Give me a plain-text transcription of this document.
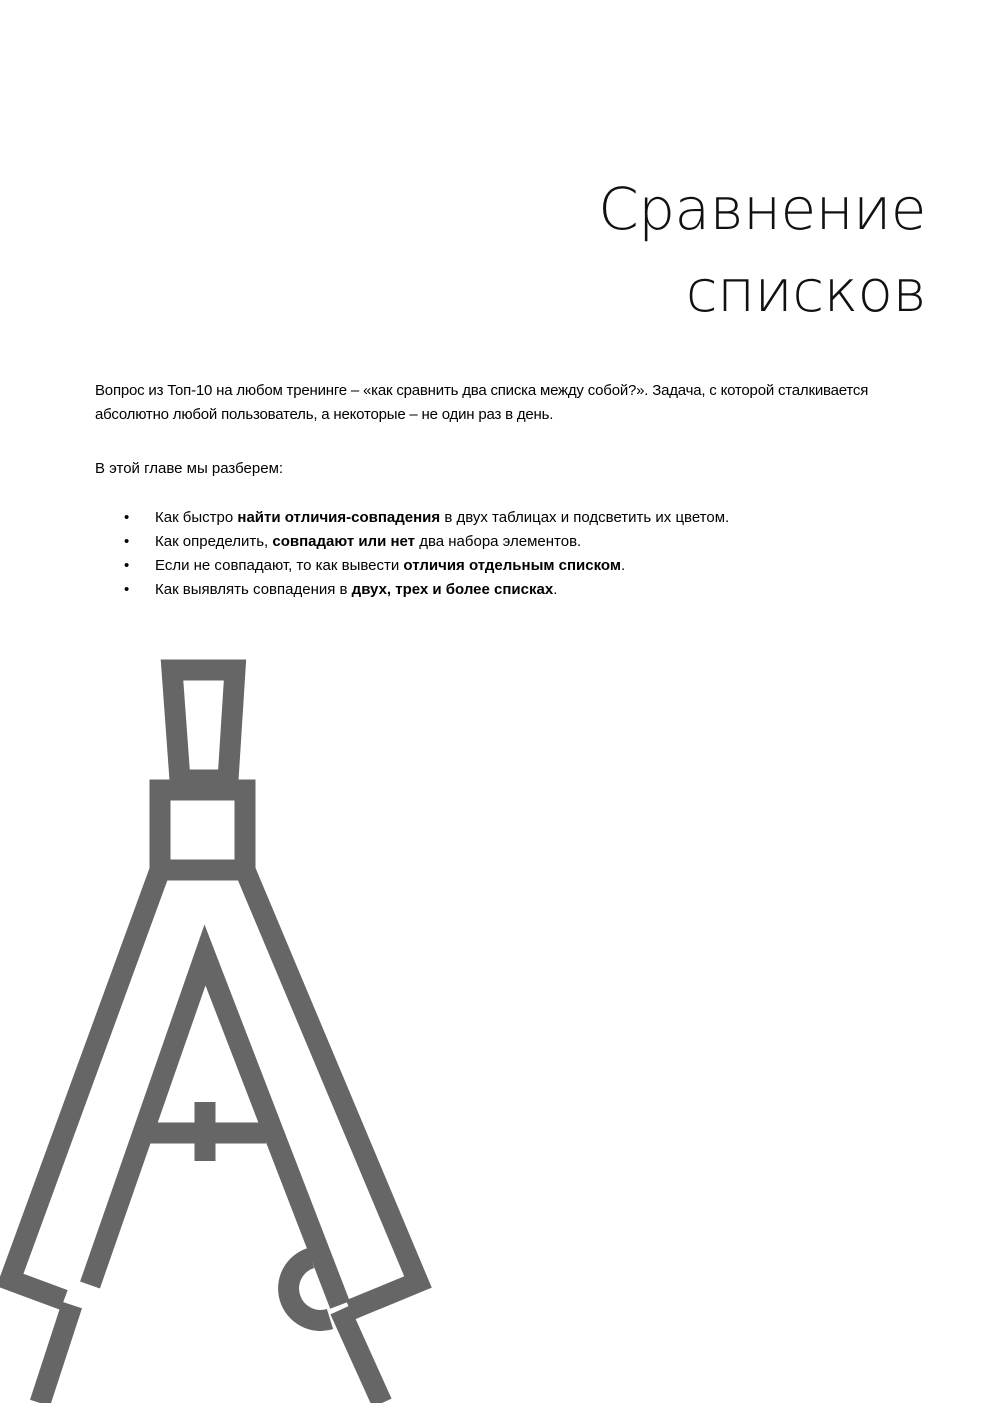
Сравнение
списков

Вопрос из Топ-10 на любом тренинге – «как сравнить два списка между собой?». Задача, с которой сталкивается абсолютно любой пользователь, а некоторые – не один раз в день.

В этой главе мы разберем:

• Как быстро найти отличия-совпадения в двух таблицах и подсветить их цветом.
• Как определить, совпадают или нет два набора элементов.
• Если не совпадают, то как вывести отличия отдельным списком.
• Как выявлять совпадения в двух, трех и более списках.
